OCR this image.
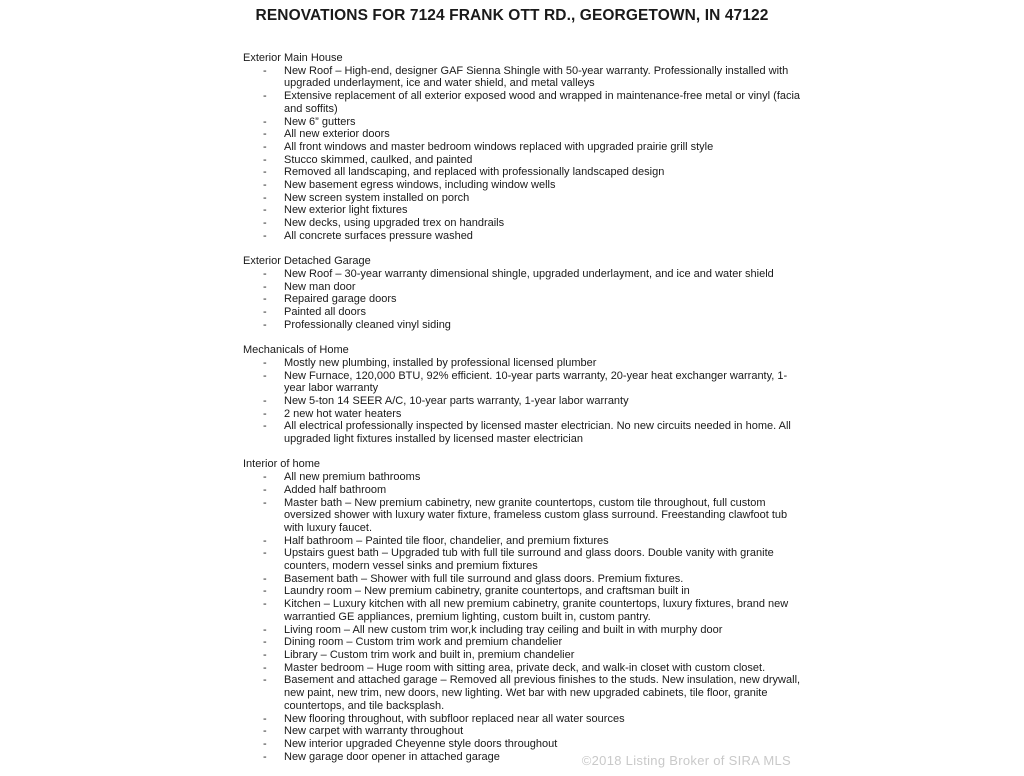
RENOVATIONS FOR 7124 FRANK OTT RD., GEORGETOWN, IN 47122
Exterior Main House
- New Roof – High-end, designer GAF Sienna Shingle with 50-year warranty. Professionally installed with upgraded underlayment, ice and water shield, and metal valleys
- Extensive replacement of all exterior exposed wood and wrapped in maintenance-free metal or vinyl (facia and soffits)
- New 6” gutters
- All new exterior doors
- All front windows and master bedroom windows replaced with upgraded prairie grill style
- Stucco skimmed, caulked, and painted
- Removed all landscaping, and replaced with professionally landscaped design
- New basement egress windows, including window wells
- New screen system installed on porch
- New exterior light fixtures
- New decks, using upgraded trex on handrails
- All concrete surfaces pressure washed
Exterior Detached Garage
- New Roof – 30-year warranty dimensional shingle, upgraded underlayment, and ice and water shield
- New man door
- Repaired garage doors
- Painted all doors
- Professionally cleaned vinyl siding
Mechanicals of Home
- Mostly new plumbing, installed by professional licensed plumber
- New Furnace, 120,000 BTU, 92% efficient. 10-year parts warranty, 20-year heat exchanger warranty, 1-year labor warranty
- New 5-ton 14 SEER A/C, 10-year parts warranty, 1-year labor warranty
- 2 new hot water heaters
- All electrical professionally inspected by licensed master electrician. No new circuits needed in home. All upgraded light fixtures installed by licensed master electrician
Interior of home
- All new premium bathrooms
- Added half bathroom
- Master bath – New premium cabinetry, new granite countertops, custom tile throughout, full custom oversized shower with luxury water fixture, frameless custom glass surround. Freestanding clawfoot tub with luxury faucet.
- Half bathroom – Painted tile floor, chandelier, and premium fixtures
- Upstairs guest bath – Upgraded tub with full tile surround and glass doors. Double vanity with granite counters, modern vessel sinks and premium fixtures
- Basement bath – Shower with full tile surround and glass doors. Premium fixtures.
- Laundry room – New premium cabinetry, granite countertops, and craftsman built in
- Kitchen – Luxury kitchen with all new premium cabinetry, granite countertops, luxury fixtures, brand new warrantied GE appliances, premium lighting, custom built in, custom pantry.
- Living room – All new custom trim wor,k including tray ceiling and built in with murphy door
- Dining room – Custom trim work and premium chandelier
- Library – Custom trim work and built in, premium chandelier
- Master bedroom – Huge room with sitting area, private deck, and walk-in closet with custom closet.
- Basement and attached garage – Removed all previous finishes to the studs. New insulation, new drywall, new paint, new trim, new doors, new lighting. Wet bar with new upgraded cabinets, tile floor, granite countertops, and tile backsplash.
- New flooring throughout, with subfloor replaced near all water sources
- New carpet with warranty throughout
- New interior upgraded Cheyenne style doors throughout
- New garage door opener in attached garage	©2018 Listing Broker of SIRA MLS
